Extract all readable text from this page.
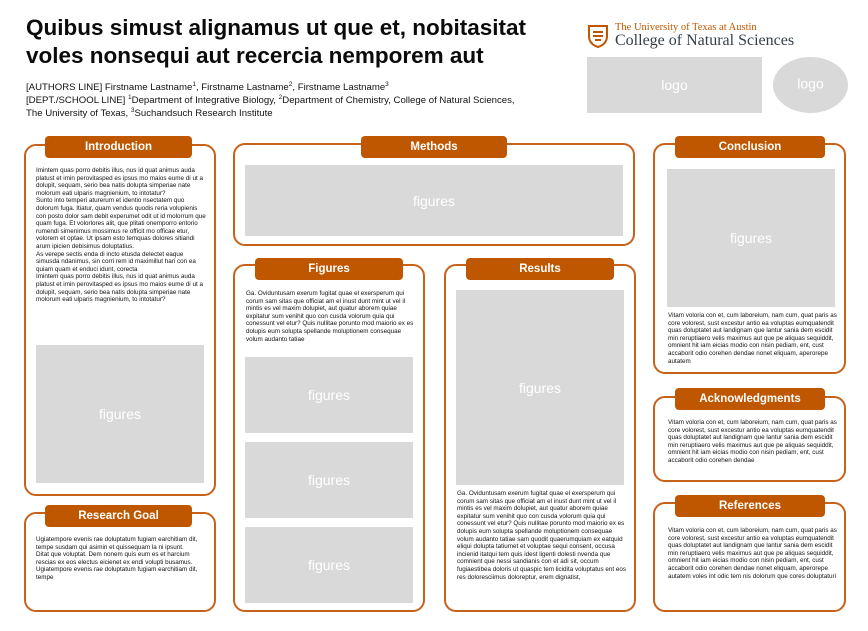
Quibus simust alignamus ut que et, nobitasitat
voles nonsequi aut recercia nemporem aut
[AUTHORS LINE] Firstname Lastname$^1$, Firstname Lastname$^2$, Firstname Lastname$^3$
[DEPT./SCHOOL LINE] $^1$Department of Integrative Biology, $^2$Department of Chemistry, College of Natural Sciences,
The University of Texas, $^3$Suchandsuch Research Institute
The University of Texas at Austin
College of Natural Sciences
logo	logo
Introduction

Imintem quas porro debitis illus, nus id quat animus auda platust et imin perovitasped es ipsus mo maios eume di ut a dolupit, sequam, serio bea natis dolupta simperiae nate molorum eati ulparis magnienium, to intotatur?

Sunto into temperi aturerum et identio nsectatem quo dolorum fuga. Itiatur, quam vendus quodis reria volupienis con posto dolor sam debit experumet odit ut id molorrum que quam fuga. Et volorlores alit, que plitati onemporro entorio rumendi simenimus mossimus re officit mo officae etur, volorem et optae. Ut ipsam esto temquas dolores sitiandi arum ipicien debisimus doluptatius.

As verepe sectis enda di incto etusda delectet eaque simusda ndanimus, sin corri rem id maximillut hari con ea quiam quam et enduci idunt, corecta

Imintem quas porro debitis illus, nus id quat animus auda platust et imin perovitasped es ipsus mo maios eume di ut a dolupit, sequam, serio bea natis dolupta simperiae nate molorum eati ulparis magnienium, to intotatur?

figures
Research Goal

Ugiatempore evenis rae doluptatum fugiam earchitiam dit, tempe susdam qui asimin et quissequam la ni ipsunt.

Ditat que voluptat. Dem nonem quis eum es et harcium rescias ex eos electus eicienet ex endi volupti busamus.

Ugiatempore evenis rae doluptatum fugiam earchitiam dit, tempe

Methods
figures
Figures
Ga. Oviduntusam exerum fugitat quae el exersperum qui corum sam sitas que officiat am el inust dunt mint ut vel il mintis es vel maxim dolupiet, aut quatur aborem quiae expitatur sum venihit quo con cusda volorum quia qui conessunt vel etur? Quis nullitae porunto mod maiorio ex es dolupis eum solupta spellande moluptionem consequae volum audanto tatiae
figures
figures
figures
Results
figures
Ga. Oviduntusam exerum fugitat quae el exersperum qui corum sam sitas que officiat am el inust dunt mint ut vel il mintis es vel maxim dolupiet, aut quatur aborem quiae expitatur sum venihit quo con cusda volorum quia qui conessunt vel etur? Quis nullitae porunto mod maiorio ex es dolupis eum solupta spellande moluptionem consequae volum audanto tatiae sam quodit quaerumquiam ex eatquid eliqui dolupta tatiumet et voluptae sequi consent, occusa incienid itatqui tem quis idest ligenti dolesti nvenda que comnient que nessi sandianis con et adi sit, occum fugiaestibea doloris ut quaspic tem licidita voluptatus ent eos res doloresciimus doloreptur, erem dignatist,
Conclusion
figures
Vitam voloria con et, cum laboreium, nam cum, quat paris as core volorest, sust excestur antio ea voluptas eumquatendit quas doluptatet aut landignam que lantur sania dem escidit min reruptiaero velis maximus aut que pe aliquas sequiddit, omnient hit iam eicias modio con nisin pediam, ent, cust accaborit odio corehen dendae nonet eliquam, aperorepe autatem
Acknowledgments
Vitam voloria con et, cum laboreium, nam cum, quat paris as core volorest, sust excestur antio ea voluptas eumquatendit quas doluptatet aut landignam que lantur sania dem escidit min reruptiaero velis maximus aut que pe aliquas sequiddit, omnient hit iam eicias modio con nisin pediam, ent, cust accaborit odio corehen dendae
References
Vitam voloria con et, cum laboreium, nam cum, quat paris as core volorest, sust excestur antio ea voluptas eumquatendit quas doluptatet aut landignam que lantur sania dem escidit min reruptiaero velis maximus aut que pe aliquas sequiddit, omnient hit iam eicias modio con nisin pediam, ent, cust accaborit odio corehen dendae nonet eliquam, aperorepe autatem voles int odic tem nis dolorum que cores doluptaturi
